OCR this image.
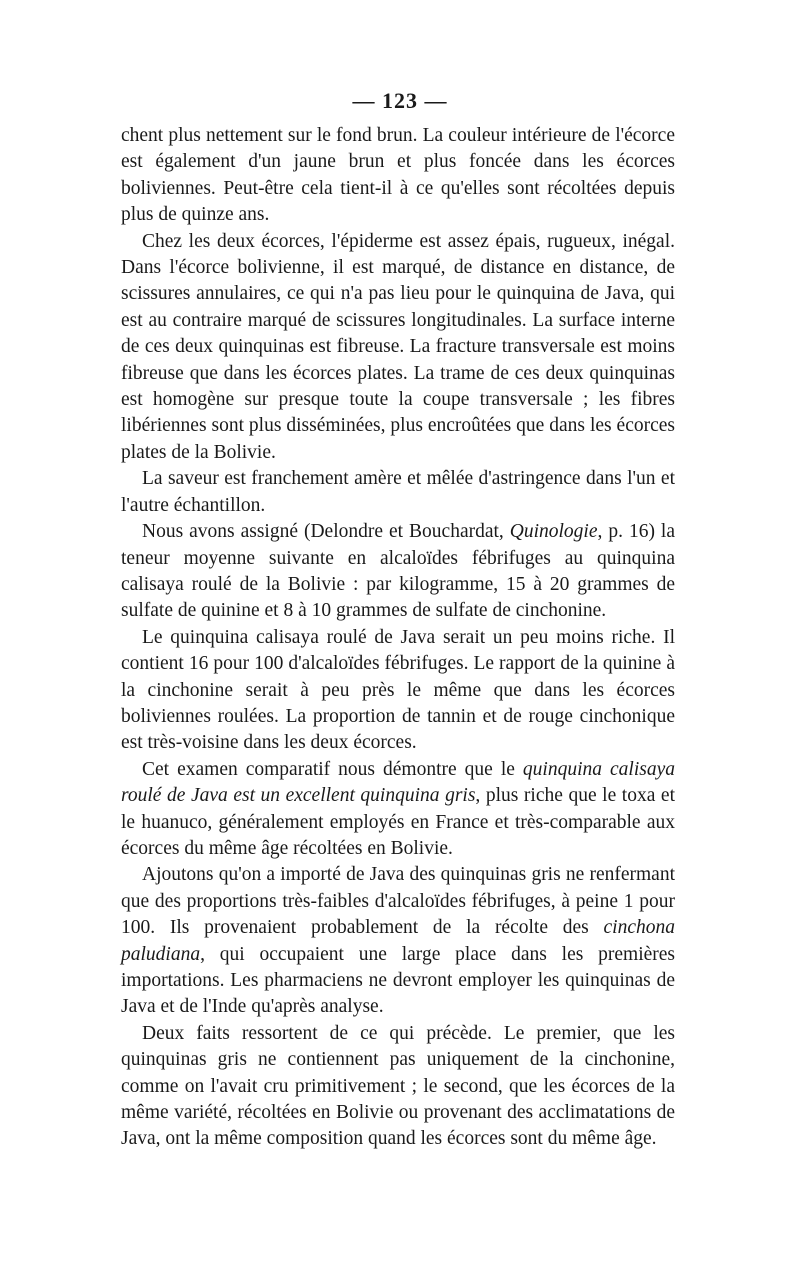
— 123 —

chent plus nettement sur le fond brun. La couleur intérieure de l'écorce est également d'un jaune brun et plus foncée dans les écorces boliviennes. Peut-être cela tient-il à ce qu'elles sont récoltées depuis plus de quinze ans.

Chez les deux écorces, l'épiderme est assez épais, rugueux, inégal. Dans l'écorce bolivienne, il est marqué, de distance en distance, de scissures annulaires, ce qui n'a pas lieu pour le quinquina de Java, qui est au contraire marqué de scissures longitudinales. La surface interne de ces deux quinquinas est fibreuse. La fracture transversale est moins fibreuse que dans les écorces plates. La trame de ces deux quinquinas est homogène sur presque toute la coupe transversale ; les fibres libériennes sont plus disséminées, plus encroûtées que dans les écorces plates de la Bolivie.

La saveur est franchement amère et mêlée d'astringence dans l'un et l'autre échantillon.

Nous avons assigné (Delondre et Bouchardat, Quinologie, p. 16) la teneur moyenne suivante en alcaloïdes fébrifuges au quinquina calisaya roulé de la Bolivie : par kilogramme, 15 à 20 grammes de sulfate de quinine et 8 à 10 grammes de sulfate de cinchonine.

Le quinquina calisaya roulé de Java serait un peu moins riche. Il contient 16 pour 100 d'alcaloïdes fébrifuges. Le rapport de la quinine à la cinchonine serait à peu près le même que dans les écorces boliviennes roulées. La proportion de tannin et de rouge cinchonique est très-voisine dans les deux écorces.

Cet examen comparatif nous démontre que le quinquina calisaya roulé de Java est un excellent quinquina gris, plus riche que le toxa et le huanuco, généralement employés en France et très-comparable aux écorces du même âge récoltées en Bolivie.

Ajoutons qu'on a importé de Java des quinquinas gris ne renfermant que des proportions très-faibles d'alcaloïdes fébrifuges, à peine 1 pour 100. Ils provenaient probablement de la récolte des cinchona paludiana, qui occupaient une large place dans les premières importations. Les pharmaciens ne devront employer les quinquinas de Java et de l'Inde qu'après analyse.

Deux faits ressortent de ce qui précède. Le premier, que les quinquinas gris ne contiennent pas uniquement de la cinchonine, comme on l'avait cru primitivement ; le second, que les écorces de la même variété, récoltées en Bolivie ou provenant des acclimatations de Java, ont la même composition quand les écorces sont du même âge.
